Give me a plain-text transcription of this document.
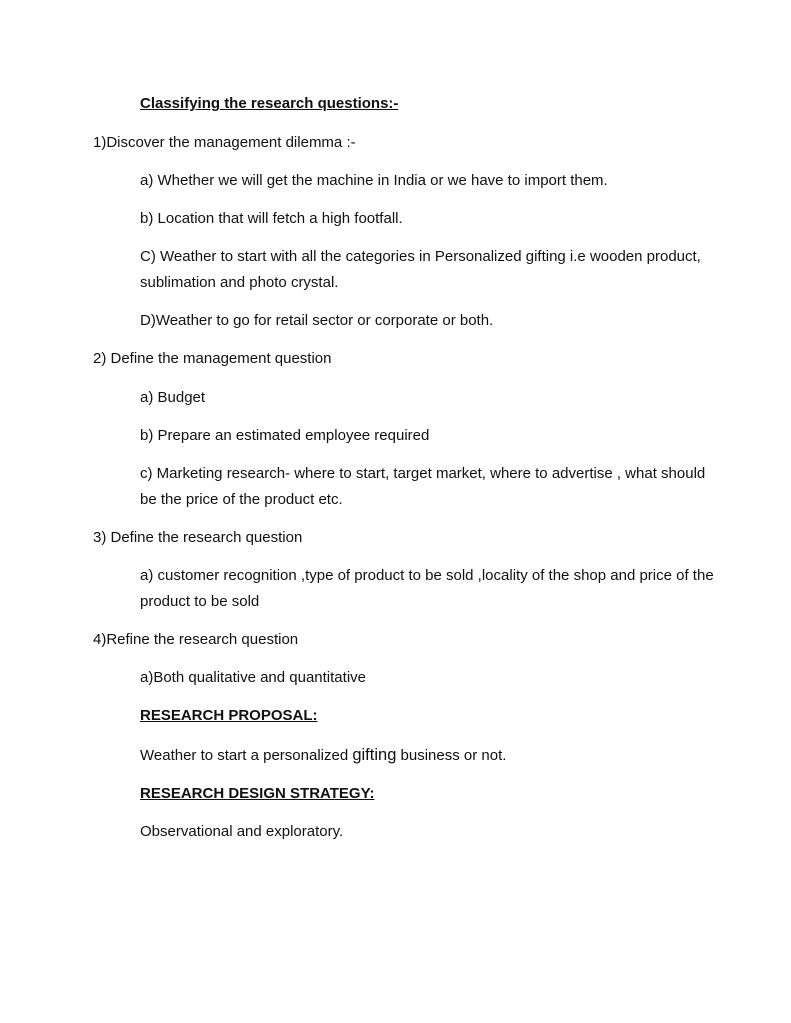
Classifying the research questions:-

1)Discover the management dilemma :-

a) Whether we will get the machine in India or we have to import them.

b) Location that will fetch a high footfall.

C) Weather to start with all the categories in Personalized gifting i.e wooden product, sublimation and photo crystal.

D)Weather to go for retail sector or corporate or both.

2) Define the management question

a) Budget

b) Prepare an estimated employee required

c) Marketing research- where to start, target market, where to advertise , what should be the price of the product etc.

3) Define the research question

a) customer recognition ,type of product to be sold ,locality of the shop and price of the product to be sold

4)Refine the research question

a)Both qualitative and quantitative

RESEARCH PROPOSAL:

Weather to start a personalized gifting business or not.

RESEARCH DESIGN STRATEGY:

Observational and exploratory.
